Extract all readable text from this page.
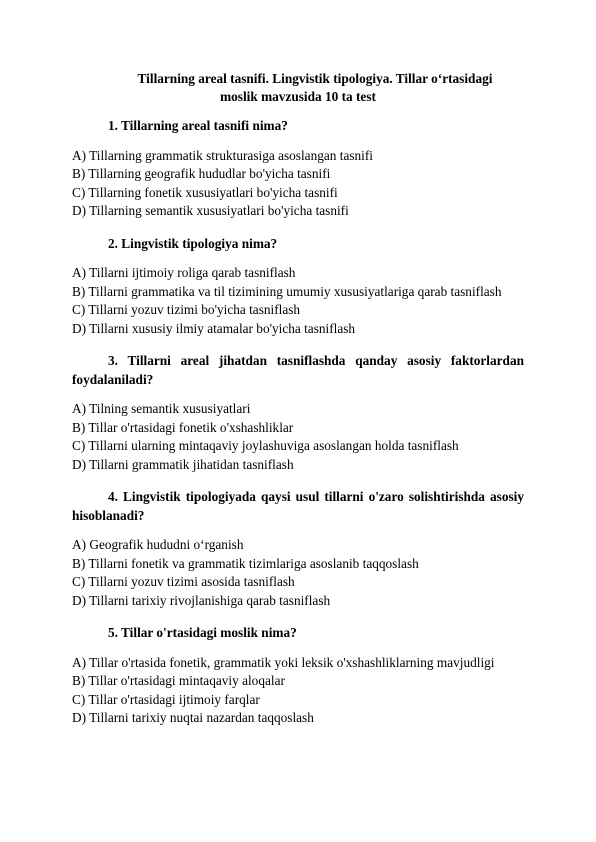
Tillarning areal tasnifi. Lingvistik tipologiya. Tillar o‘rtasidagi
moslik mavzusida 10 ta test

1. Tillarning areal tasnifi nima?

A) Tillarning grammatik strukturasiga asoslangan tasnifi
B) Tillarning geografik hududlar bo'yicha tasnifi
C) Tillarning fonetik xususiyatlari bo'yicha tasnifi
D) Tillarning semantik xususiyatlari bo'yicha tasnifi

2. Lingvistik tipologiya nima?

A) Tillarni ijtimoiy roliga qarab tasniflash
B) Tillarni grammatika va til tizimining umumiy xususiyatlariga qarab tasniflash
C) Tillarni yozuv tizimi bo'yicha tasniflash
D) Tillarni xususiy ilmiy atamalar bo'yicha tasniflash

3. Tillarni areal jihatdan tasniflashda qanday asosiy faktorlardan foydalaniladi?

A) Tilning semantik xususiyatlari
B) Tillar o'rtasidagi fonetik o'xshashliklar
C) Tillarni ularning mintaqaviy joylashuviga asoslangan holda tasniflash
D) Tillarni grammatik jihatidan tasniflash

4. Lingvistik tipologiyada qaysi usul tillarni o'zaro solishtirishda asosiy hisoblanadi?

A) Geografik hududni o‘rganish
B) Tillarni fonetik va grammatik tizimlariga asoslanib taqqoslash
C) Tillarni yozuv tizimi asosida tasniflash
D) Tillarni tarixiy rivojlanishiga qarab tasniflash

5. Tillar o'rtasidagi moslik nima?

A) Tillar o'rtasida fonetik, grammatik yoki leksik o'xshashliklarning mavjudligi
B) Tillar o'rtasidagi mintaqaviy aloqalar
C) Tillar o'rtasidagi ijtimoiy farqlar
D) Tillarni tarixiy nuqtai nazardan taqqoslash
